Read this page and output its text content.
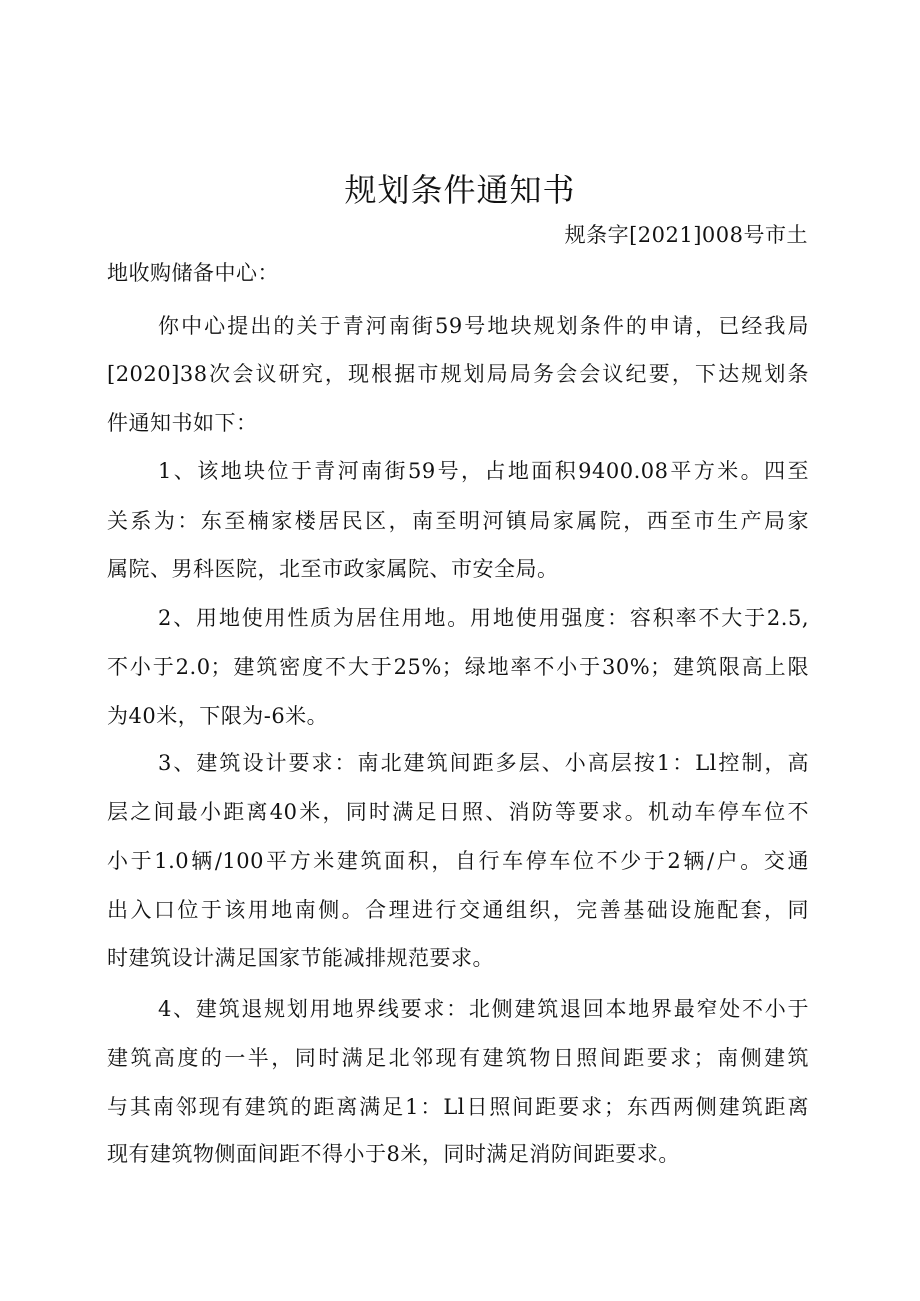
规划条件通知书
规条字[2021]008号市土
地收购储备中心：
你中心提出的关于青河南街59号地块规划条件的申请，已经我局
[2020]38次会议研究，现根据市规划局局务会会议纪要，下达规划条
件通知书如下：
1、该地块位于青河南街59号，占地面积9400.08平方米。四至
关系为：东至楠家楼居民区，南至明河镇局家属院，西至市生产局家
属院、男科医院，北至市政家属院、市安全局。
2、用地使用性质为居住用地。用地使用强度：容积率不大于2.5,
不小于2.0；建筑密度不大于25%；绿地率不小于30%；建筑限高上限
为40米，下限为-6米。
3、建筑设计要求：南北建筑间距多层、小高层按1：Ll控制，高
层之间最小距离40米，同时满足日照、消防等要求。机动车停车位不
小于1.0辆/100平方米建筑面积，自行车停车位不少于2辆/户。交通
出入口位于该用地南侧。合理进行交通组织，完善基础设施配套，同
时建筑设计满足国家节能减排规范要求。
4、建筑退规划用地界线要求：北侧建筑退回本地界最窄处不小于
建筑高度的一半，同时满足北邻现有建筑物日照间距要求；南侧建筑
与其南邻现有建筑的距离满足1：Ll日照间距要求；东西两侧建筑距离
现有建筑物侧面间距不得小于8米，同时满足消防间距要求。
